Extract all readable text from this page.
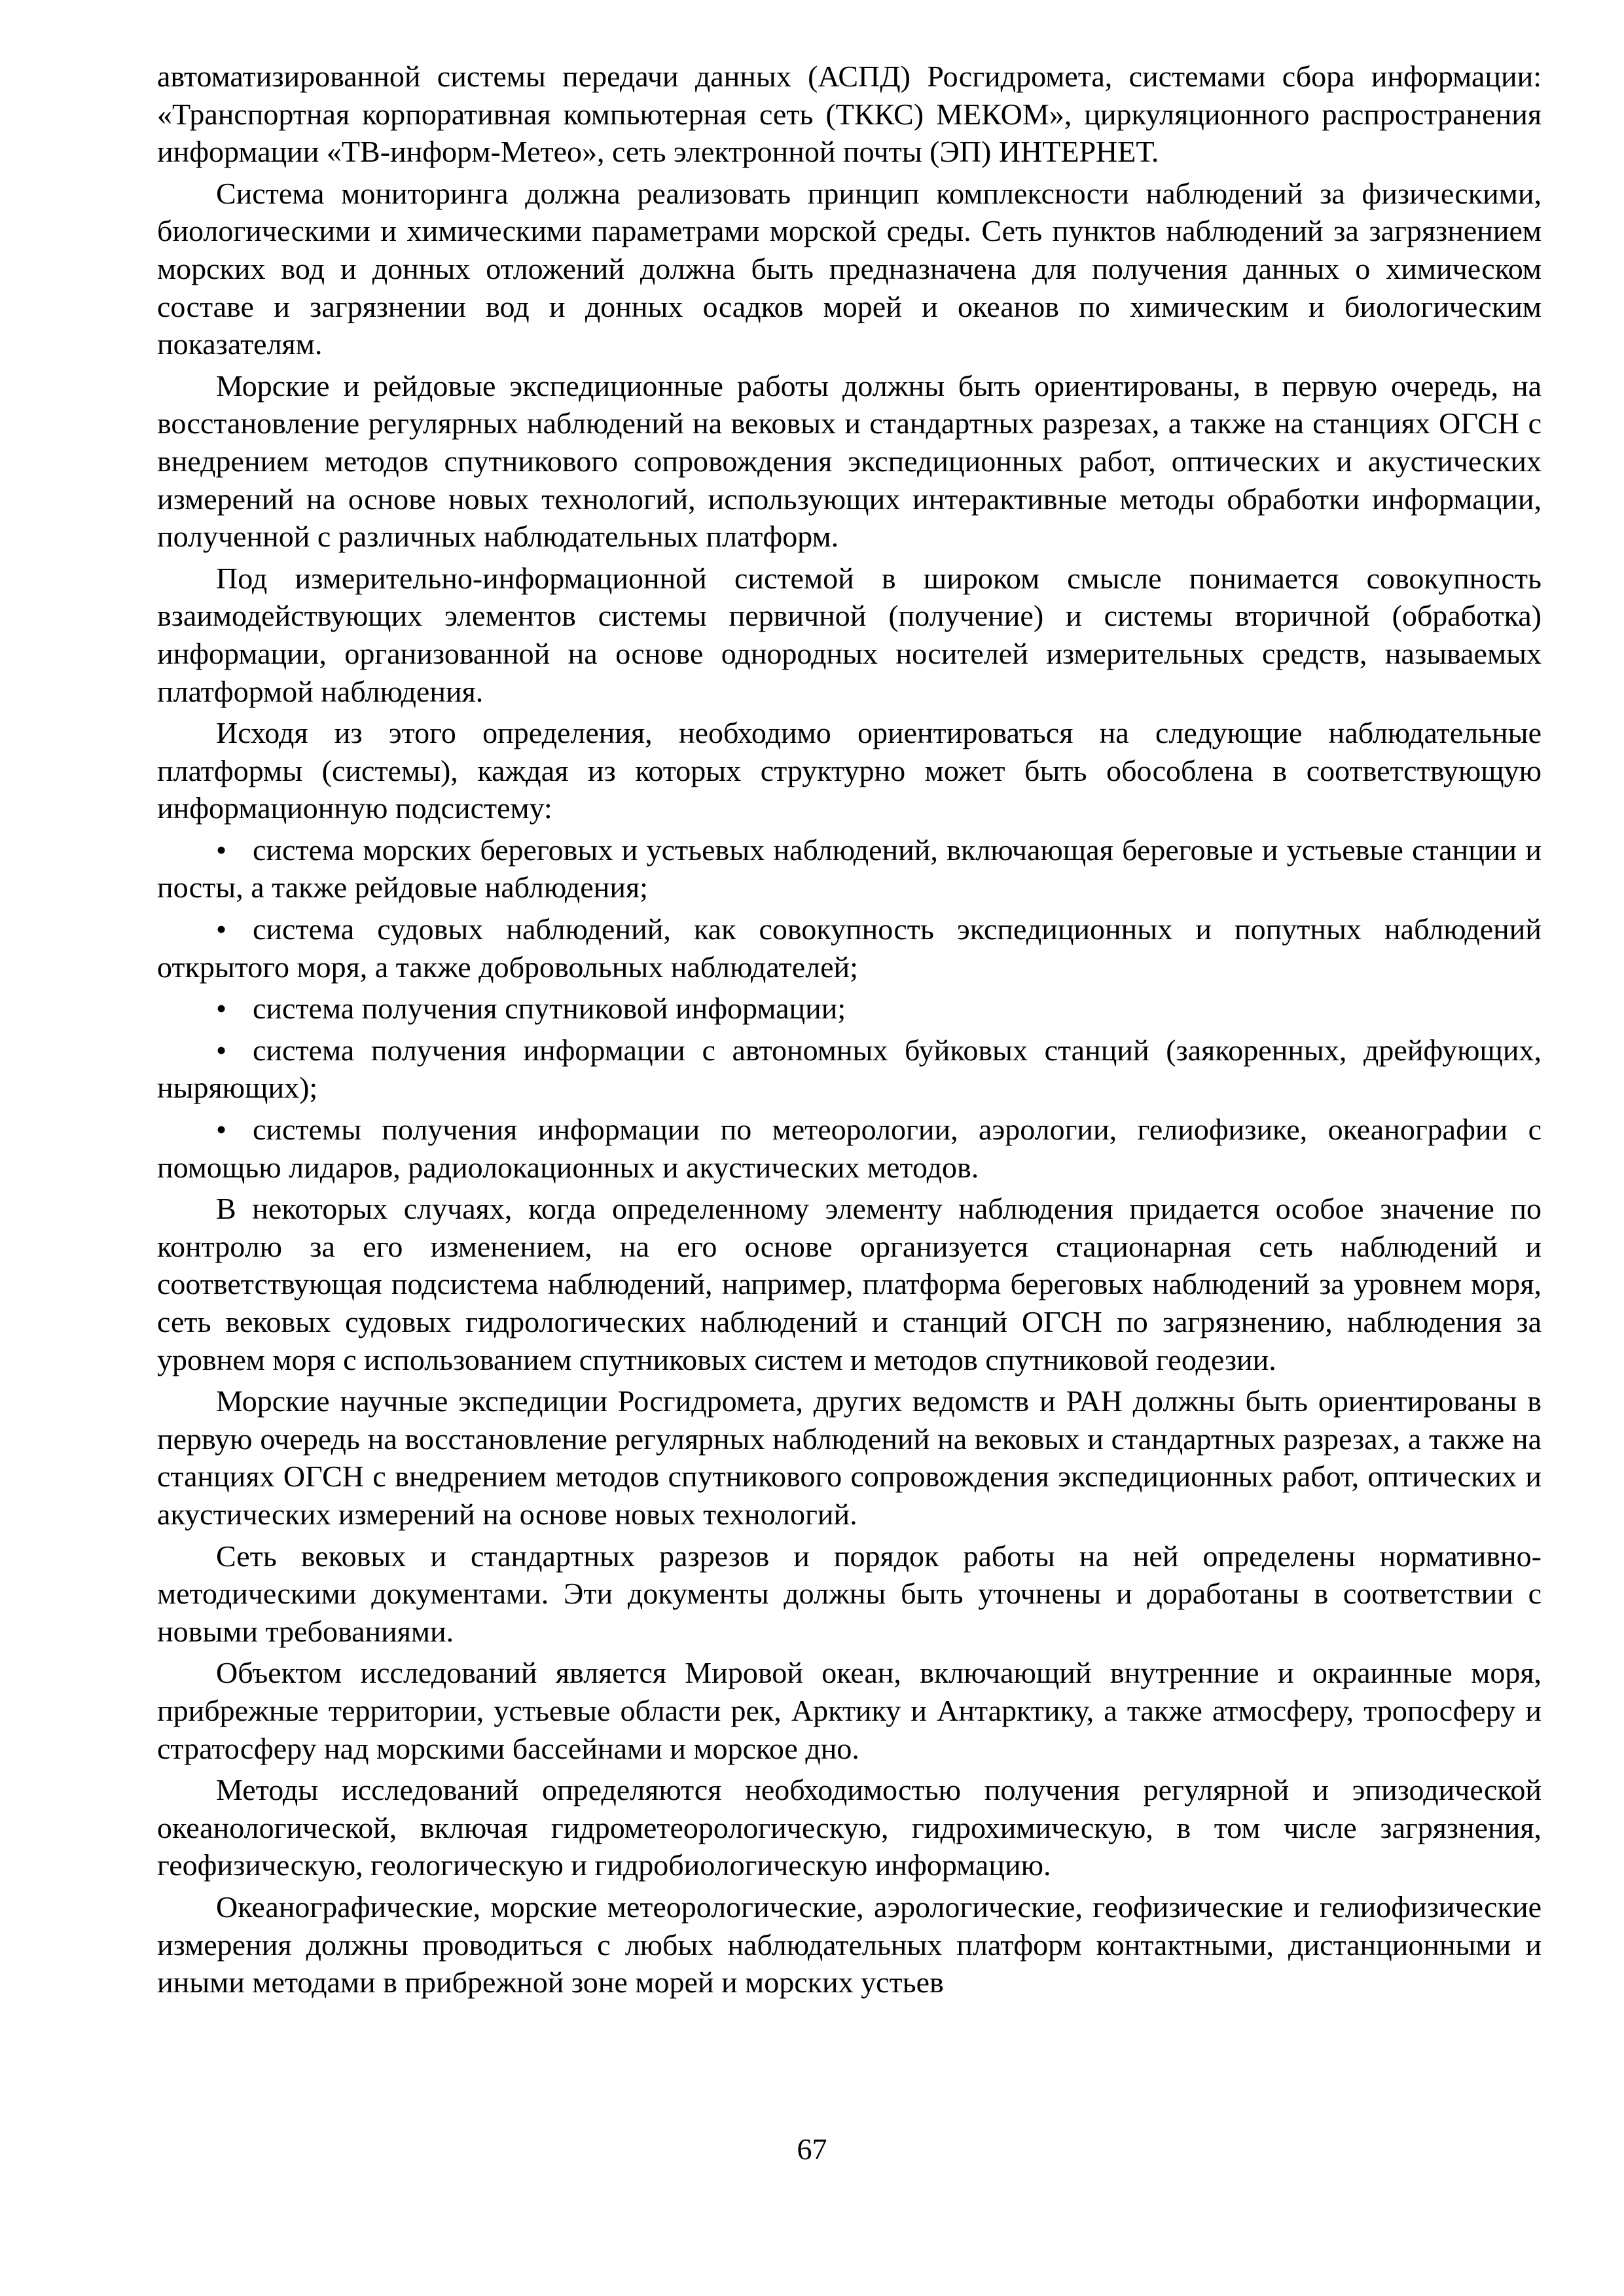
автоматизированной системы передачи данных (АСПД) Росгидромета, системами сбора информации: «Транспортная корпоративная компьютерная сеть (ТККС) МЕКОМ», циркуляционного распространения информации «ТВ-информ-Метео», сеть электронной почты (ЭП) ИНТЕРНЕТ.

Система мониторинга должна реализовать принцип комплексности наблюдений за физическими, биологическими и химическими параметрами морской среды. Сеть пунктов наблюдений за загрязнением морских вод и донных отложений должна быть предназначена для получения данных о химическом составе и загрязнении вод и донных осадков морей и океанов по химическим и биологическим показателям.

Морские и рейдовые экспедиционные работы должны быть ориентированы, в первую очередь, на восстановление регулярных наблюдений на вековых и стандартных разрезах, а также на станциях ОГСН с внедрением методов спутникового сопровождения экспедиционных работ, оптических и акустических измерений на основе новых технологий, использующих интерактивные методы обработки информации, полученной с различных наблюдательных платформ.

Под измерительно-информационной системой в широком смысле понимается совокупность взаимодействующих элементов системы первичной (получение) и системы вторичной (обработка) информации, организованной на основе однородных носителей измерительных средств, называемых платформой наблюдения.

Исходя из этого определения, необходимо ориентироваться на следующие наблюдательные платформы (системы), каждая из которых структурно может быть обособлена в соответствующую информационную подсистему:

• система морских береговых и устьевых наблюдений, включающая береговые и устьевые станции и посты, а также рейдовые наблюдения;

• система судовых наблюдений, как совокупность экспедиционных и попутных наблюдений открытого моря, а также добровольных наблюдателей;

• система получения спутниковой информации;

• система получения информации с автономных буйковых станций (заякоренных, дрейфующих, ныряющих);

• системы получения информации по метеорологии, аэрологии, гелиофизике, океанографии с помощью лидаров, радиолокационных и акустических методов.

В некоторых случаях, когда определенному элементу наблюдения придается особое значение по контролю за его изменением, на его основе организуется стационарная сеть наблюдений и соответствующая подсистема наблюдений, например, платформа береговых наблюдений за уровнем моря, сеть вековых судовых гидрологических наблюдений и станций ОГСН по загрязнению, наблюдения за уровнем моря с использованием спутниковых систем и методов спутниковой геодезии.

Морские научные экспедиции Росгидромета, других ведомств и РАН должны быть ориентированы в первую очередь на восстановление регулярных наблюдений на вековых и стандартных разрезах, а также на станциях ОГСН с внедрением методов спутникового сопровождения экспедиционных работ, оптических и акустических измерений на основе новых технологий.

Сеть вековых и стандартных разрезов и порядок работы на ней определены нормативно-методическими документами. Эти документы должны быть уточнены и доработаны в соответствии с новыми требованиями.

Объектом исследований является Мировой океан, включающий внутренние и окраинные моря, прибрежные территории, устьевые области рек, Арктику и Антарктику, а также атмосферу, тропосферу и стратосферу над морскими бассейнами и морское дно.

Методы исследований определяются необходимостью получения регулярной и эпизодической океанологической, включая гидрометеорологическую, гидрохимическую, в том числе загрязнения, геофизическую, геологическую и гидробиологическую информацию.

Океанографические, морские метеорологические, аэрологические, геофизические и гелиофизические измерения должны проводиться с любых наблюдательных платформ контактными, дистанционными и иными методами в прибрежной зоне морей и морских устьев

67
